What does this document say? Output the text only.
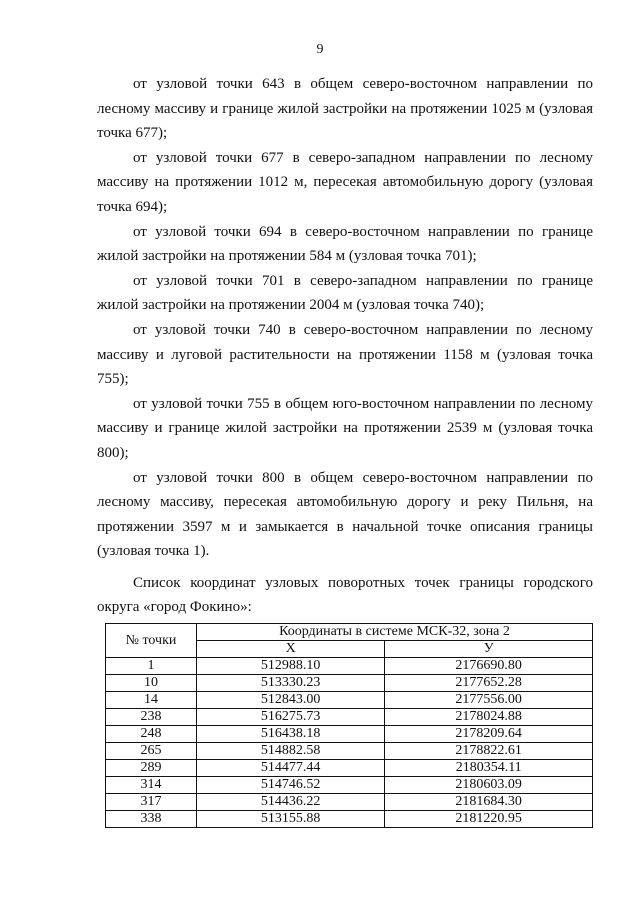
9

от узловой точки 643 в общем северо-восточном направлении по лесному массиву и границе жилой застройки на протяжении 1025 м (узловая точка 677);

от узловой точки 677 в северо-западном направлении по лесному массиву на протяжении 1012 м, пересекая автомобильную дорогу (узловая точка 694);

от узловой точки 694 в северо-восточном направлении по границе жилой застройки на протяжении 584 м (узловая точка 701);

от узловой точки 701 в северо-западном направлении по границе жилой застройки на протяжении 2004 м (узловая точка 740);

от узловой точки 740 в северо-восточном направлении по лесному массиву и луговой растительности на протяжении 1158 м (узловая точка 755);

от узловой точки 755 в общем юго-восточном направлении по лесному массиву и границе жилой застройки на протяжении 2539 м (узловая точка 800);

от узловой точки 800 в общем северо-восточном направлении по лесному массиву, пересекая автомобильную дорогу и реку Пильня, на протяжении 3597 м и замыкается в начальной точке описания границы (узловая точка 1).

Список координат узловых поворотных точек границы городского округа «город Фокино»:

№ точки	Координаты в системе МСК-32, зона 2	
	Х	У
1	512988.10	2176690.80
10	513330.23	2177652.28
14	512843.00	2177556.00
238	516275.73	2178024.88
248	516438.18	2178209.64
265	514882.58	2178822.61
289	514477.44	2180354.11
314	514746.52	2180603.09
317	514436.22	2181684.30
338	513155.88	2181220.95
